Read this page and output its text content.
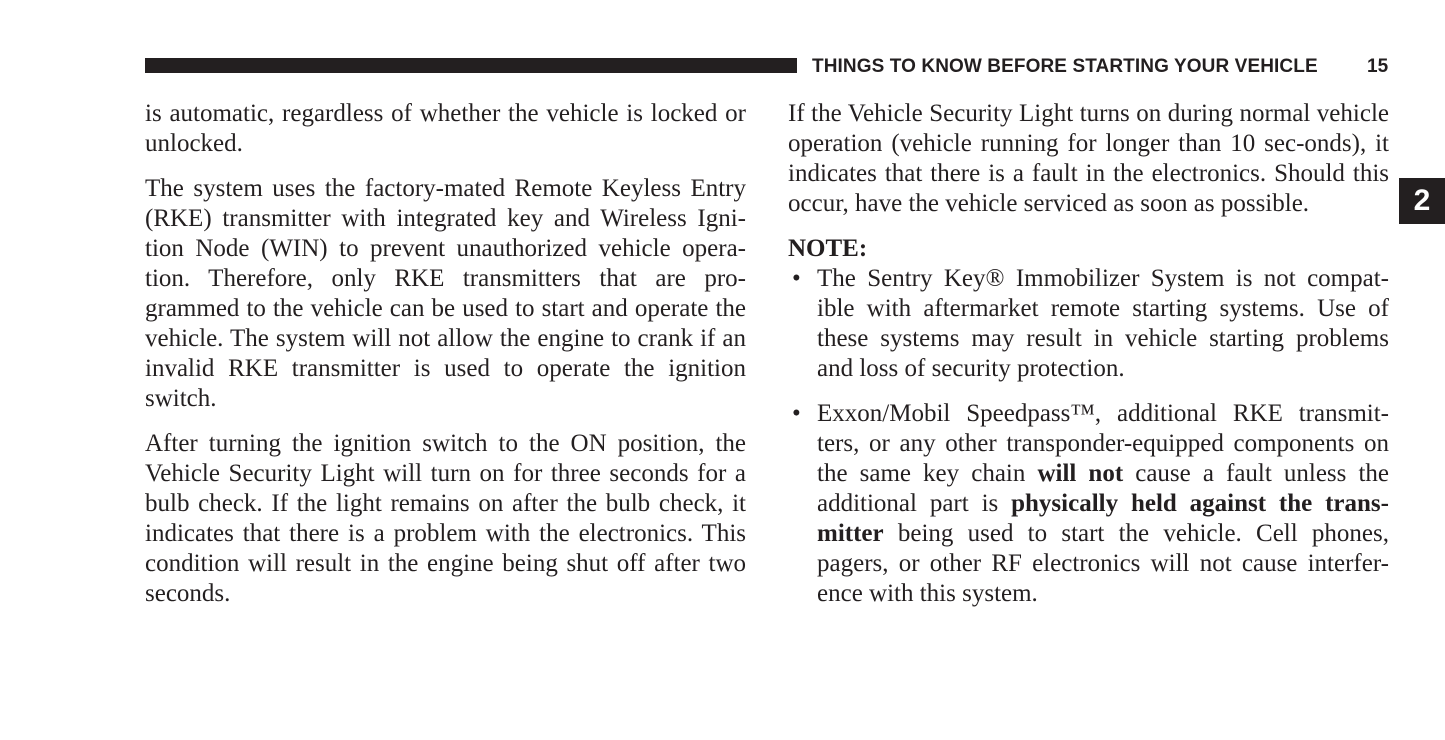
THINGS TO KNOW BEFORE STARTING YOUR VEHICLE	15
2

is automatic, regardless of whether the vehicle is locked or unlocked.

The system uses the factory-mated Remote Keyless Entry (RKE) transmitter with integrated key and Wireless Igni-tion Node (WIN) to prevent unauthorized vehicle opera-tion. Therefore, only RKE transmitters that are pro-grammed to the vehicle can be used to start and operate the vehicle. The system will not allow the engine to crank if an invalid RKE transmitter is used to operate the ignition switch.

After turning the ignition switch to the ON position, the Vehicle Security Light will turn on for three seconds for a bulb check. If the light remains on after the bulb check, it indicates that there is a problem with the electronics. This condition will result in the engine being shut off after two seconds.

If the Vehicle Security Light turns on during normal vehicle operation (vehicle running for longer than 10 sec-onds), it indicates that there is a fault in the electronics. Should this occur, have the vehicle serviced as soon as possible.

NOTE:

• The Sentry Key® Immobilizer System is not compat-ible with aftermarket remote starting systems. Use of these systems may result in vehicle starting problems and loss of security protection.
• Exxon/Mobil Speedpass™, additional RKE transmit-ters, or any other transponder-equipped components on the same key chain will not cause a fault unless the additional part is physically held against the trans-mitter being used to start the vehicle. Cell phones, pagers, or other RF electronics will not cause interfer-ence with this system.
